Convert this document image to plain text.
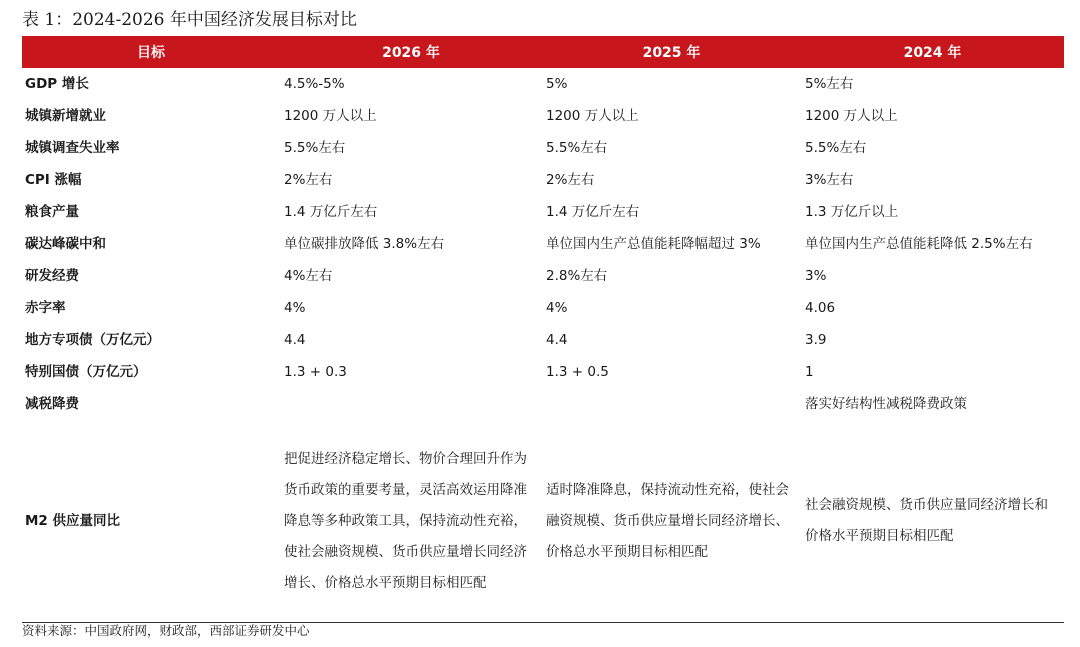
表 1：2024-2026 年中国经济发展目标对比
目标	2026 年	2025 年	2024 年
GDP 增长	4.5%-5%	5%	5%左右
城镇新增就业	1200 万人以上	1200 万人以上	1200 万人以上
城镇调查失业率	5.5%左右	5.5%左右	5.5%左右
CPI 涨幅	2%左右	2%左右	3%左右
粮食产量	1.4 万亿斤左右	1.4 万亿斤左右	1.3 万亿斤以上
碳达峰碳中和	单位碳排放降低 3.8%左右	单位国内生产总值能耗降幅超过 3%	单位国内生产总值能耗降低 2.5%左右
研发经费	4%左右	2.8%左右	3%
赤字率	4%	4%	4.06
地方专项债（万亿元）	4.4	4.4	3.9
特别国债（万亿元）	1.3 + 0.3	1.3 + 0.5	1
减税降费			落实好结构性减税降费政策
M2 供应量同比	把促进经济稳定增长、物价合理回升作为货币政策的重要考量，灵活高效运用降准降息等多种政策工具，保持流动性充裕，使社会融资规模、货币供应量增长同经济增长、价格总水平预期目标相匹配	适时降准降息，保持流动性充裕，使社会融资规模、货币供应量增长同经济增长、价格总水平预期目标相匹配	社会融资规模、货币供应量同经济增长和价格水平预期目标相匹配
资料来源：中国政府网，财政部，西部证券研发中心
